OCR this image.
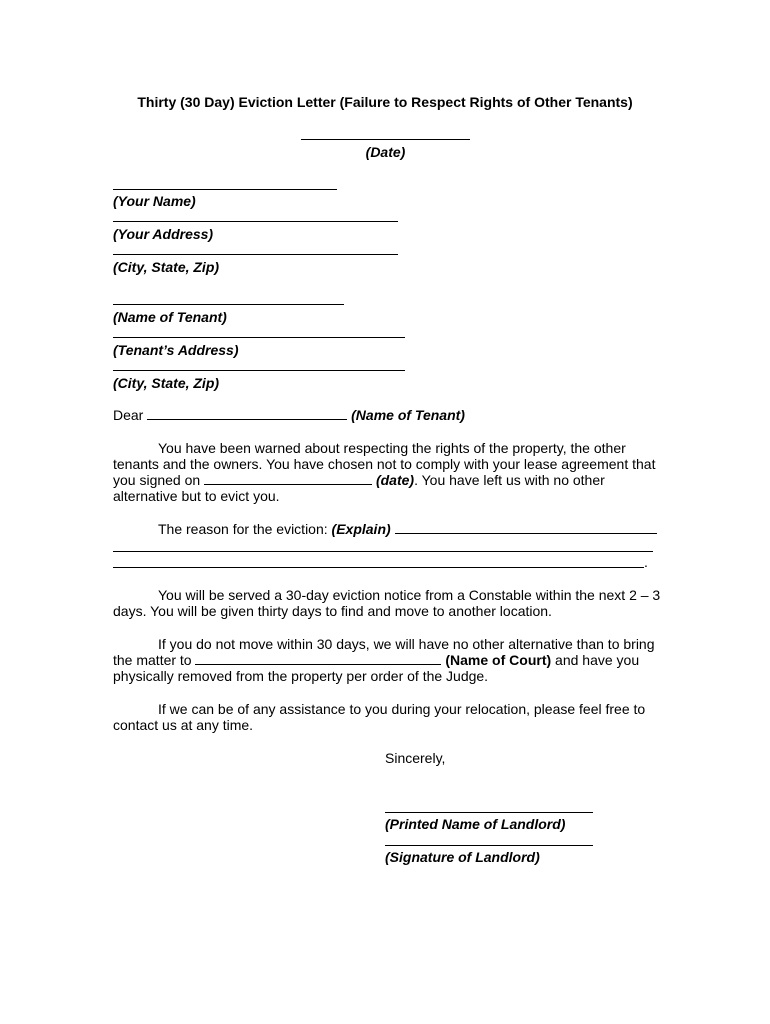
Thirty (30 Day) Eviction Letter (Failure to Respect Rights of Other Tenants)
(Date)
(Your Name)
(Your Address)
(City, State, Zip)
(Name of Tenant)
(Tenant’s Address)
(City, State, Zip)
Dear	(Name of Tenant)
You have been warned about respecting the rights of the property, the other
tenants and the owners. You have chosen not to comply with your lease agreement that
you signed on	(date). You have left us with no other
alternative but to evict you.
The reason for the eviction: (Explain)
.
You will be served a 30-day eviction notice from a Constable within the next 2 – 3
days. You will be given thirty days to find and move to another location.
If you do not move within 30 days, we will have no other alternative than to bring
the matter to	(Name of Court) and have you
physically removed from the property per order of the Judge.
If we can be of any assistance to you during your relocation, please feel free to
contact us at any time.
Sincerely,
(Printed Name of Landlord)
(Signature of Landlord)
